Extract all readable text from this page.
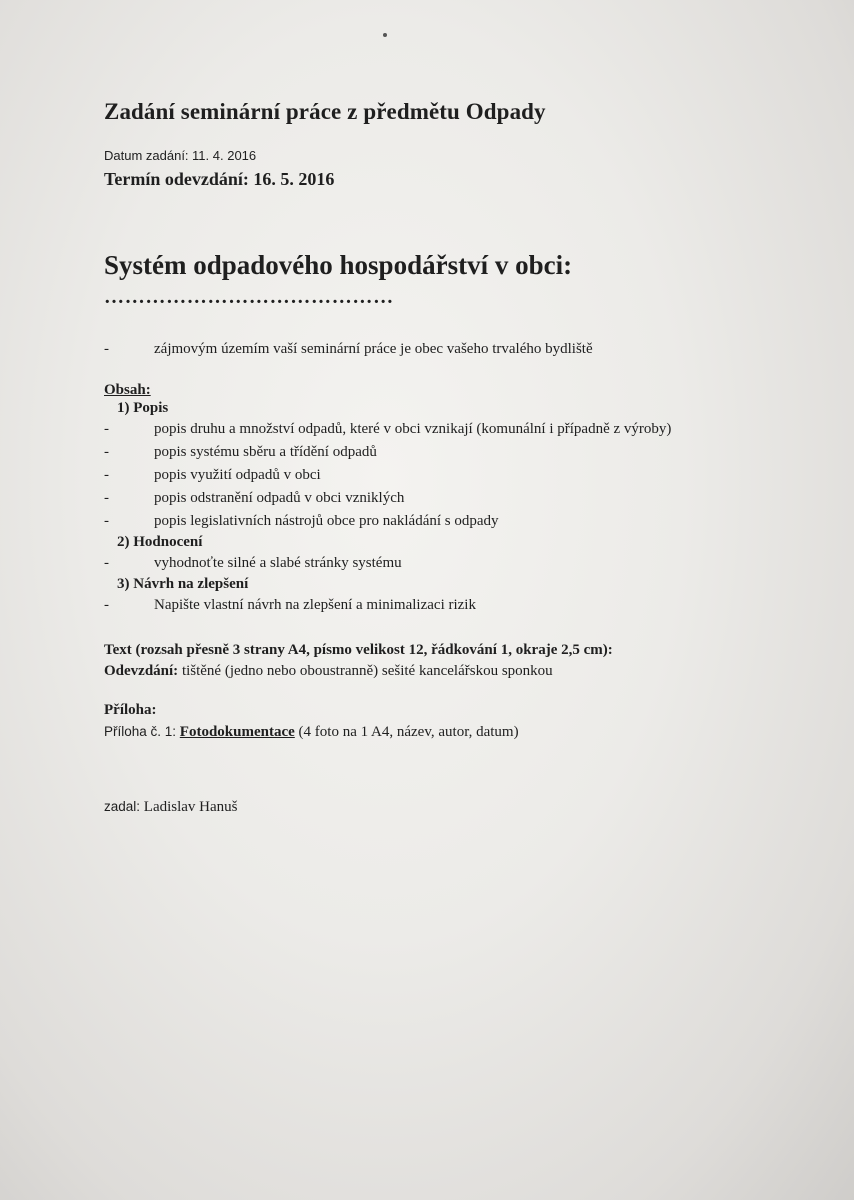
Zadání seminární práce z předmětu Odpady
Datum zadání: 11. 4. 2016
Termín odevzdání: 16. 5. 2016
Systém odpadového hospodářství v obci:
……………………………………
-	zájmovým územím vaší seminární práce je obec vašeho trvalého bydliště
Obsah:
1) Popis
-	popis druhu a množství odpadů, které v obci vznikají (komunální i případně z výroby)
-	popis systému sběru a třídění odpadů
-	popis využití odpadů v obci
-	popis odstranění odpadů v obci vzniklých
-	popis legislativních nástrojů obce pro nakládání s odpady
2) Hodnocení
-	vyhodnoťte silné a slabé stránky systému
3) Návrh na zlepšení
-	Napište vlastní návrh na zlepšení a minimalizaci rizik
Text (rozsah přesně 3 strany A4, písmo velikost 12, řádkování 1, okraje 2,5 cm):
Odevzdání: tištěné (jedno nebo oboustranně) sešité kancelářskou sponkou
Příloha:
Příloha č. 1: Fotodokumentace (4 foto na 1 A4, název, autor, datum)
zadal: Ladislav Hanuš
